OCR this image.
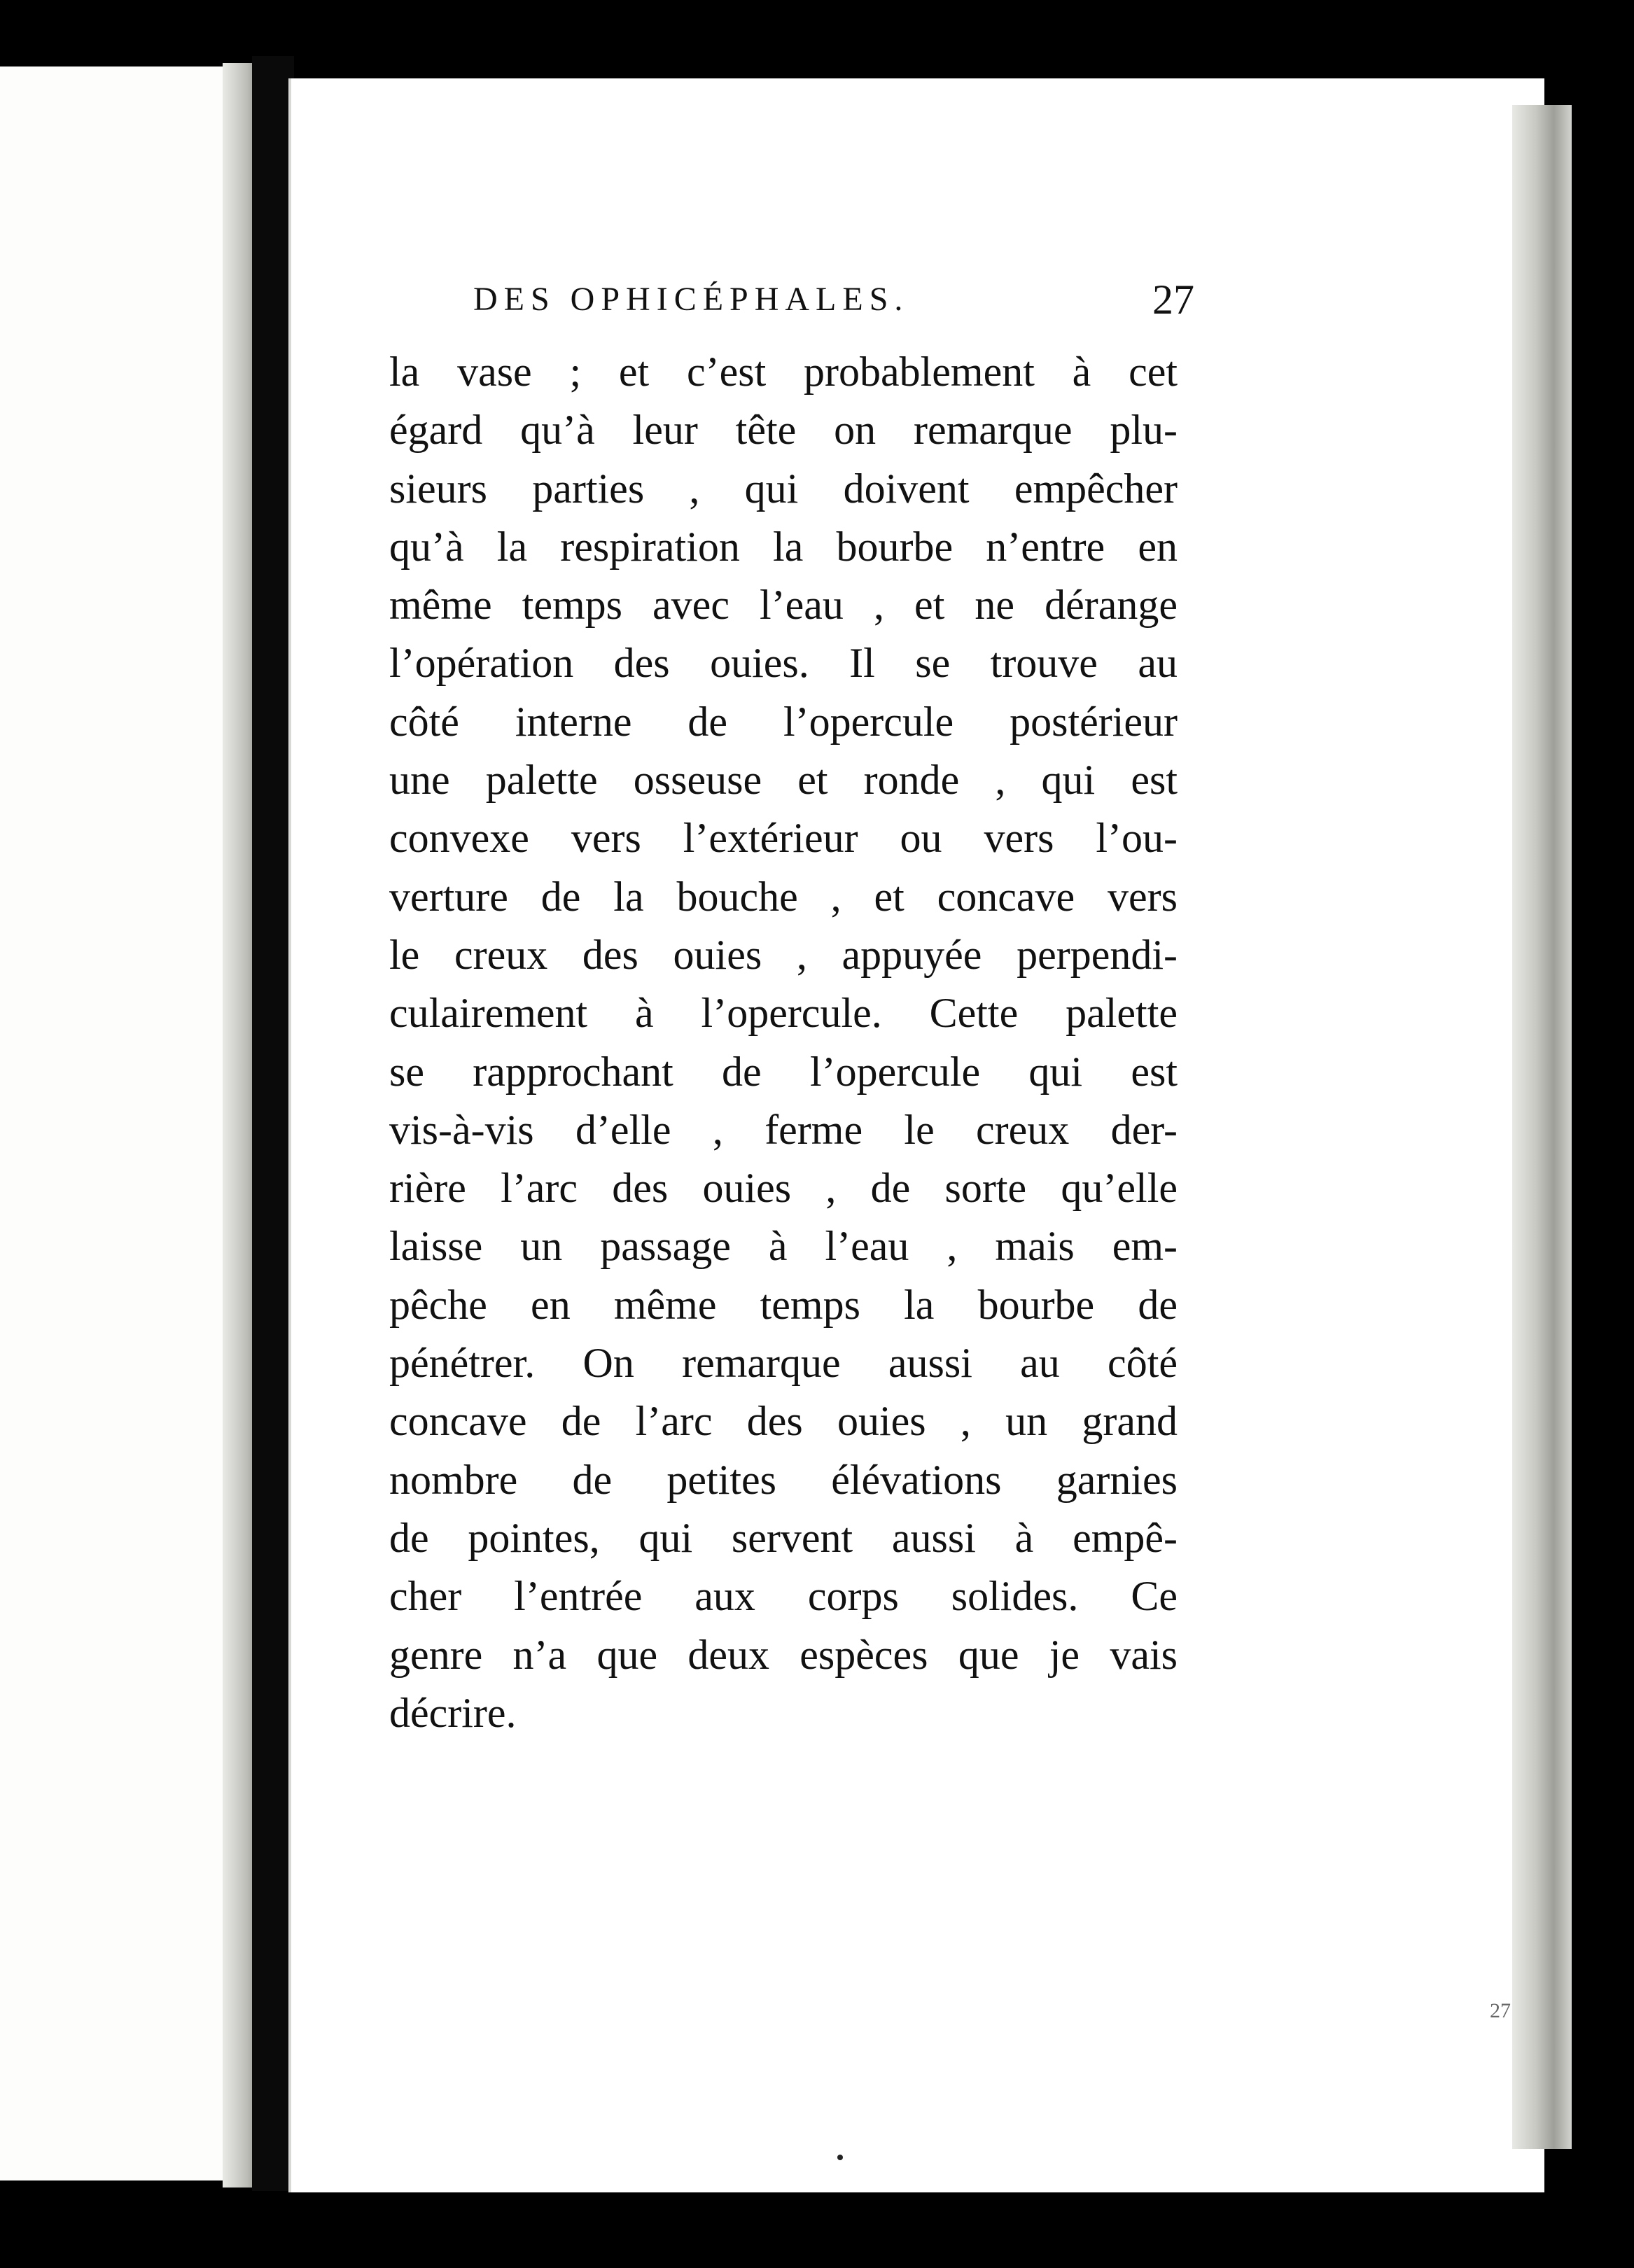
DES OPHICÉPHALES.	27
la vase ; et c’est probablement à cet
égard qu’à leur tête on remarque plu-
sieurs parties , qui doivent empêcher
qu’à la respiration la bourbe n’entre en
même temps avec l’eau , et ne dérange
l’opération des ouies. Il se trouve au
côté interne de l’opercule postérieur
une palette osseuse et ronde , qui est
convexe vers l’extérieur ou vers l’ou-
verture de la bouche , et concave vers
le creux des ouies , appuyée perpendi-
culairement à l’opercule. Cette palette
se rapprochant de l’opercule qui est
vis-à-vis d’elle , ferme le creux der-
rière l’arc des ouies , de sorte qu’elle
laisse un passage à l’eau , mais em-
pêche en même temps la bourbe de
pénétrer. On remarque aussi au côté
concave de l’arc des ouies , un grand
nombre de petites élévations garnies
de pointes, qui servent aussi à empê-
cher l’entrée aux corps solides. Ce
genre n’a que deux espèces que je vais
décrire.
27
